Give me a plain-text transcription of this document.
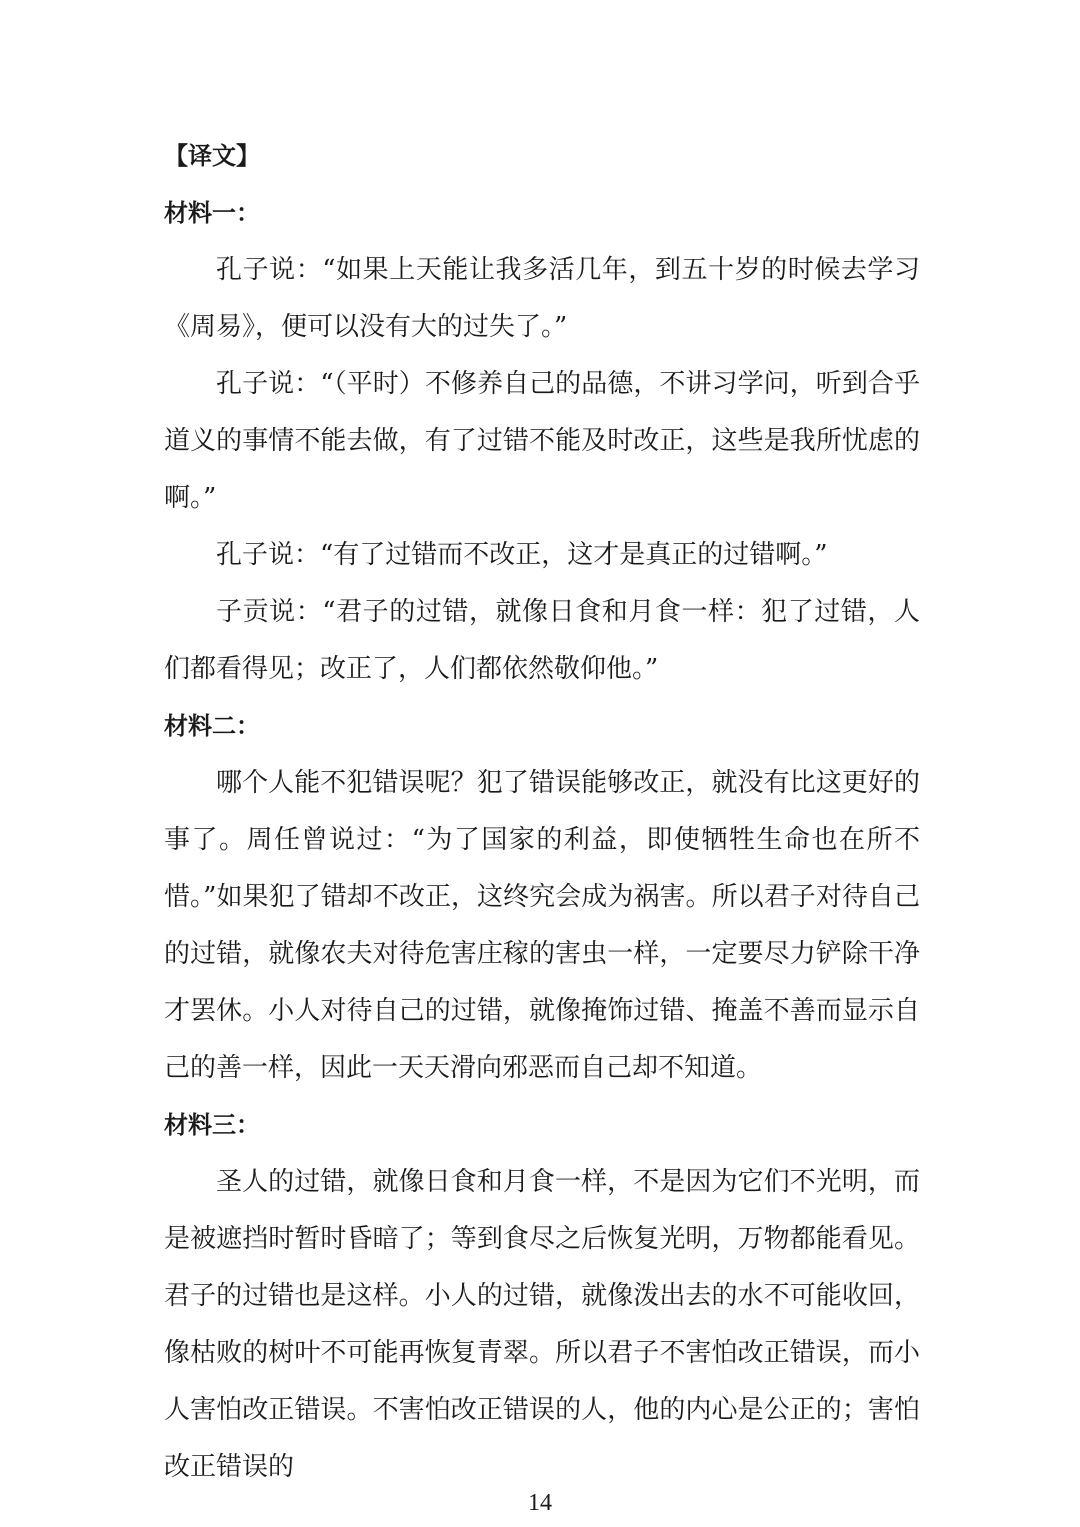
【译文】
材料一：

孔子说：“如果上天能让我多活几年，到五十岁的时候去学习《周易》，便可以没有大的过失了。”

孔子说：“（平时）不修养自己的品德，不讲习学问，听到合乎道义的事情不能去做，有了过错不能及时改正，这些是我所忧虑的啊。”

孔子说：“有了过错而不改正，这才是真正的过错啊。”

子贡说：“君子的过错，就像日食和月食一样：犯了过错，人们都看得见；改正了，人们都依然敬仰他。”

材料二：

哪个人能不犯错误呢？犯了错误能够改正，就没有比这更好的事了。周任曾说过：“为了国家的利益，即使牺牲生命也在所不惜。”如果犯了错却不改正，这终究会成为祸害。所以君子对待自己的过错，就像农夫对待危害庄稼的害虫一样，一定要尽力铲除干净才罢休。小人对待自己的过错，就像掩饰过错、掩盖不善而显示自己的善一样，因此一天天滑向邪恶而自己却不知道。

材料三：

圣人的过错，就像日食和月食一样，不是因为它们不光明，而是被遮挡时暂时昏暗了；等到食尽之后恢复光明，万物都能看见。君子的过错也是这样。小人的过错，就像泼出去的水不可能收回，像枯败的树叶不可能再恢复青翠。所以君子不害怕改正错误，而小人害怕改正错误。不害怕改正错误的人，他的内心是公正的；害怕改正错误的

14
